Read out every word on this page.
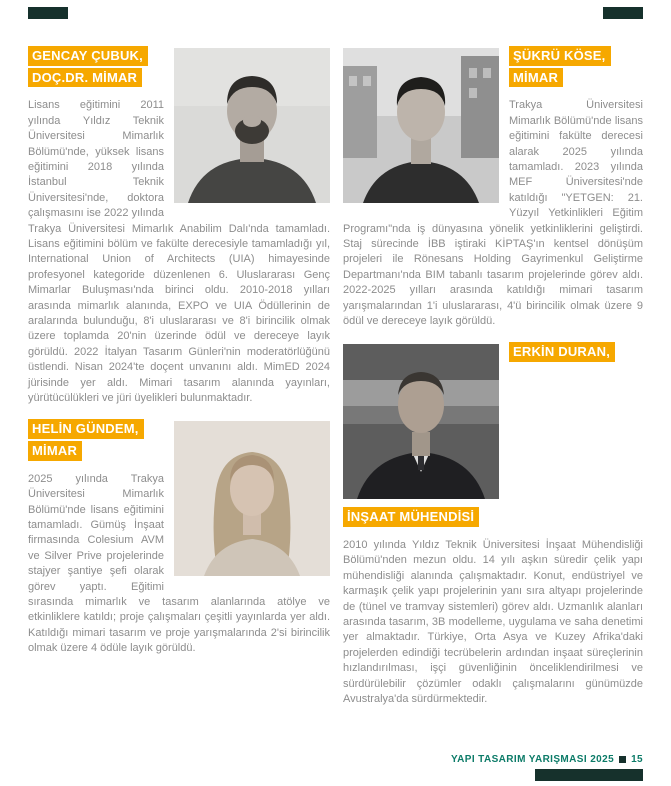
GENCAY ÇUBUK,
DOÇ.DR. MİMAR

Lisans eğitimini 2011 yılında Yıldız Teknik Üniversitesi Mimarlık Bölümü'nde, yüksek lisans eğitimini 2018 yılında İstanbul Teknik Üniversitesi'nde, doktora çalışmasını ise 2022 yılında Trakya Üniversitesi Mimarlık Anabilim Dalı'nda tamamladı. Lisans eğitimini bölüm ve fakülte derecesiyle tamamladığı yıl, International Union of Architects (UIA) himayesinde profesyonel kategoride düzenlenen 6. Uluslararası Genç Mimarlar Buluşması'nda birinci oldu. 2010-2018 yılları arasında mimarlık alanında, EXPO ve UIA Ödüllerinin de aralarında bulunduğu, 8'i uluslararası ve 8'i birincilik olmak üzere toplamda 20'nin üzerinde ödül ve dereceye layık görüldü. 2022 İtalyan Tasarım Günleri'nin moderatörlüğünü üstlendi. Nisan 2024'te doçent unvanını aldı. MimED 2024 jürisinde yer aldı. Mimari tasarım alanında yayınları, yürütücülükleri ve jüri üyelikleri bulunmaktadır.

HELİN GÜNDEM,
MİMAR

2025 yılında Trakya Üniversitesi Mimarlık Bölümü'nde lisans eğitimini tamamladı. Gümüş İnşaat firmasında Colesium AVM ve Silver Prive projelerinde stajyer şantiye şefi olarak görev yaptı. Eğitimi sırasında mimarlık ve tasarım alanlarında atölye ve etkinliklere katıldı; proje çalışmaları çeşitli yayınlarda yer aldı. Katıldığı mimari tasarım ve proje yarışmalarında 2'si birincilik olmak üzere 4 ödüle layık görüldü.

ŞÜKRÜ KÖSE,
MİMAR

Trakya Üniversitesi Mimarlık Bölümü'nde lisans eğitimini fakülte derecesi alarak 2025 yılında tamamladı. 2023 yılında MEF Üniversitesi'nde katıldığı "YETGEN: 21. Yüzyıl Yetkinlikleri Eğitim Programı"nda iş dünyasına yönelik yetkinliklerini geliştirdi. Staj sürecinde İBB iştiraki KİPTAŞ'ın kentsel dönüşüm projeleri ile Rönesans Holding Gayrimenkul Geliştirme Departmanı'nda BIM tabanlı tasarım projelerinde görev aldı. 2022-2025 yılları arasında katıldığı mimari tasarım yarışmalarından 1'i uluslararası, 4'ü birincilik olmak üzere 9 ödül ve dereceye layık görüldü.

ERKİN DURAN,
İNŞAAT MÜHENDİSİ

2010 yılında Yıldız Teknik Üniversitesi İnşaat Mühendisliği Bölümü'nden mezun oldu. 14 yılı aşkın süredir çelik yapı mühendisliği alanında çalışmaktadır. Konut, endüstriyel ve karmaşık çelik yapı projelerinin yanı sıra altyapı projelerinde de (tünel ve tramvay sistemleri) görev aldı. Uzmanlık alanları arasında tasarım, 3B modelleme, uygulama ve saha denetimi yer almaktadır. Türkiye, Orta Asya ve Kuzey Afrika'daki projelerden edindiği tecrübelerin ardından inşaat süreçlerinin hızlandırılması, işçi güvenliğinin önceliklendirilmesi ve sürdürülebilir çözümler odaklı çalışmalarını günümüzde Avustralya'da sürdürmektedir.

YAPI TASARIM YARIŞMASI 2025 15
